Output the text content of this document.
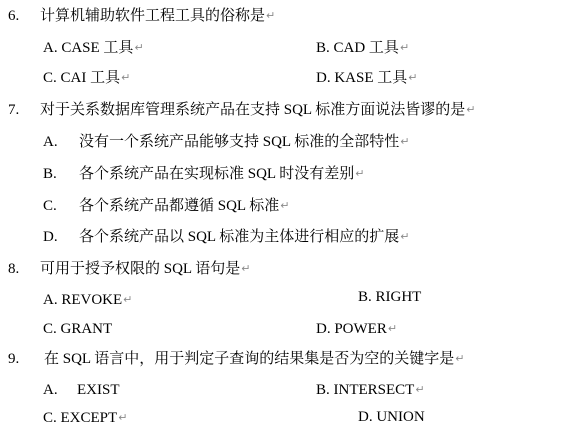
6. 计算机辅助软件工程工具的俗称是↵
A. CASE 工具↵	B. CAD 工具↵
C. CAI 工具↵	D. KASE 工具↵
7. 对于关系数据库管理系统产品在支持 SQL 标准方面说法皆谬的是↵
A. 没有一个系统产品能够支持 SQL 标准的全部特性↵
B. 各个系统产品在实现标准 SQL 时没有差别↵
C. 各个系统产品都遵循 SQL 标准↵
D. 各个系统产品以 SQL 标准为主体进行相应的扩展↵
8. 可用于授予权限的 SQL 语句是↵
A. REVOKE↵	B. RIGHT
C. GRANT	D. POWER↵
9. 在 SQL 语言中，用于判定子查询的结果集是否为空的关键字是↵
A. EXIST	B. INTERSECT↵
C. EXCEPT↵	D. UNION
